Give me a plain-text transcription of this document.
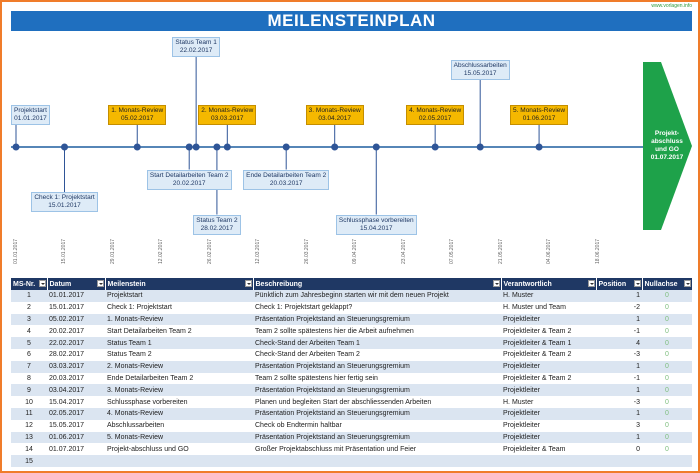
www.vorlagen.info
MEILENSTEINPLAN
Projekt-abschluss und GO 01.07.2017
Projektstart
01.01.2017
Check 1: Projektstart
15.01.2017
1. Monats-Review
05.02.2017
Start Detailarbeiten Team 2
20.02.2017
Status Team 1
22.02.2017
Status Team 2
28.02.2017
2. Monats-Review
03.03.2017
Ende Detailarbeiten Team 2
20.03.2017
3. Monats-Review
03.04.2017
Schlussphase vorbereiten
15.04.2017
4. Monats-Review
02.05.2017
Abschlussarbeiten
15.05.2017
5. Monats-Review
01.06.2017
01.01.2017	15.01.2017	29.01.2017	12.02.2017	26.02.2017	12.03.2017	26.03.2017	09.04.2017	23.04.2017	07.05.2017	21.05.2017	04.06.2017	18.06.2017
MS-Nr.	Datum	Meilenstein	Beschreibung	Verantwortlich	Position	Nullachse

1	01.01.2017	Projektstart	Pünktlich zum Jahresbeginn starten wir mit dem neuen Projekt	H. Muster	1	0
2	15.01.2017	Check 1: Projektstart	Check 1: Projektstart geklappt?	H. Muster und Team	-2	0
3	05.02.2017	1. Monats-Review	Präsentation Projektstand an Steuerungsgremium	Projektleiter	1	0
4	20.02.2017	Start Detailarbeiten Team 2	Team 2 sollte spätestens hier die Arbeit aufnehmen	Projektleiter & Team 2	-1	0
5	22.02.2017	Status Team 1	Check-Stand der Arbeiten Team 1	Projektleiter & Team 1	4	0
6	28.02.2017	Status Team 2	Check-Stand der Arbeiten Team 2	Projektleiter & Team 2	-3	0
7	03.03.2017	2. Monats-Review	Präsentation Projektstand an Steuerungsgremium	Projektleiter	1	0
8	20.03.2017	Ende Detailarbeiten Team 2	Team 2 sollte spätestens hier fertig sein	Projektleiter & Team 2	-1	0
9	03.04.2017	3. Monats-Review	Präsentation Projektstand an Steuerungsgremium	Projektleiter	1	0
10	15.04.2017	Schlussphase vorbereiten	Planen und begleiten Start der abschliessenden Arbeiten	H. Muster	-3	0
11	02.05.2017	4. Monats-Review	Präsentation Projektstand an Steuerungsgremium	Projektleiter	1	0
12	15.05.2017	Abschlussarbeiten	Check ob Endtermin haltbar	Projektleiter	3	0
13	01.06.2017	5. Monats-Review	Präsentation Projektstand an Steuerungsgremium	Projektleiter	1	0
14	01.07.2017	Projekt-abschluss und GO	Großer Projektabschluss mit Präsentation und Feier	Projektleiter & Team	0	0
15						
